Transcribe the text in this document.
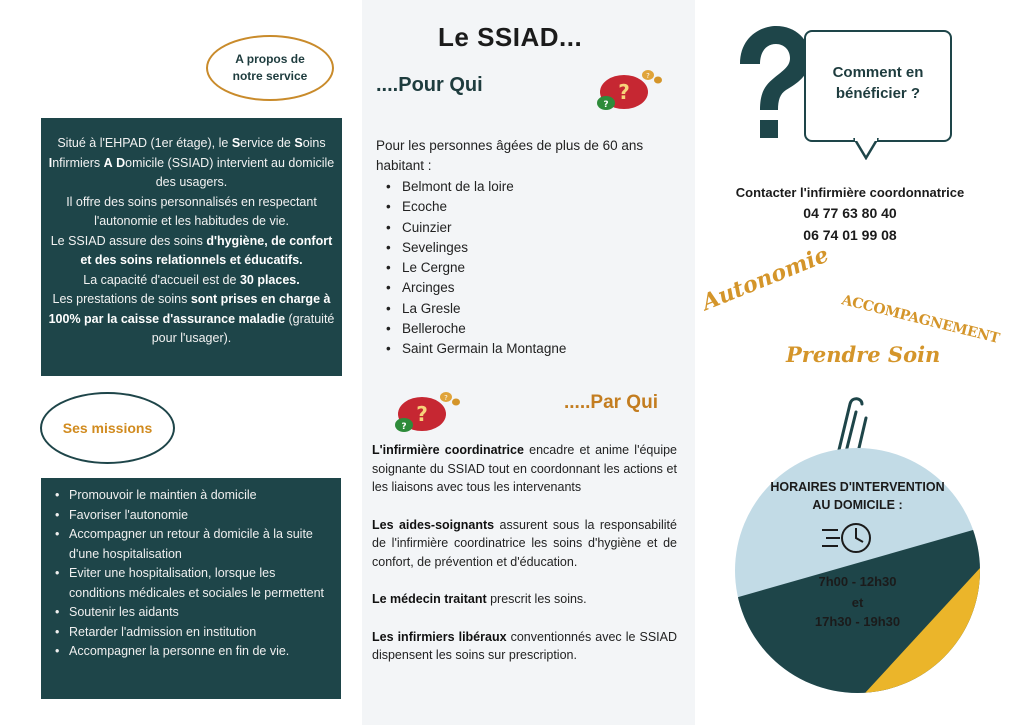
A propos de
notre service

Situé à l'EHPAD (1er étage), le Service de Soins Infirmiers A Domicile (SSIAD) intervient au domicile des usagers.

Il offre des soins personnalisés en respectant l'autonomie et les habitudes de vie.

Le SSIAD assure des soins d'hygiène, de confort et des soins relationnels et éducatifs.

La capacité d'accueil est de 30 places.

Les prestations de soins sont prises en charge à 100% par la caisse d'assurance maladie (gratuité pour l'usager).

Ses missions
• Promouvoir le maintien à domicile
• Favoriser l'autonomie
• Accompagner un retour à domicile à la suite d'une hospitalisation
• Eviter une hospitalisation, lorsque les conditions médicales et sociales le permettent
• Soutenir les aidants
• Retarder l'admission en institution
• Accompagner la personne en fin de vie.
Le SSIAD...
....Pour Qui	?
?
?
Pour les personnes âgées de plus de 60 ans habitant :
• Belmont de la loire
• Ecoche
• Cuinzier
• Sevelinges
• Le Cergne
• Arcinges
• La Gresle
• Belleroche
• Saint Germain la Montagne
?
?
?	.....Par Qui

L'infirmière coordinatrice encadre et anime l'équipe soignante du SSIAD tout en coordonnant les actions et les liaisons avec tous les intervenants

Les aides-soignants assurent sous la responsabilité de l'infirmière coordinatrice les soins d'hygiène et de confort, de prévention et d'éducation.

Le médecin traitant prescrit les soins.

Les infirmiers libéraux conventionnés avec le SSIAD dispensent les soins sur prescription.

Comment en
bénéficier ?
Contacter l'infirmière coordonnatrice
04 77 63 80 40
06 74 01 99 08
Autonomie
ACCOMPAGNEMENT
Prendre Soin
HORAIRES D'INTERVENTION
AU DOMICILE :
7h00 - 12h30
et
17h30 - 19h30
